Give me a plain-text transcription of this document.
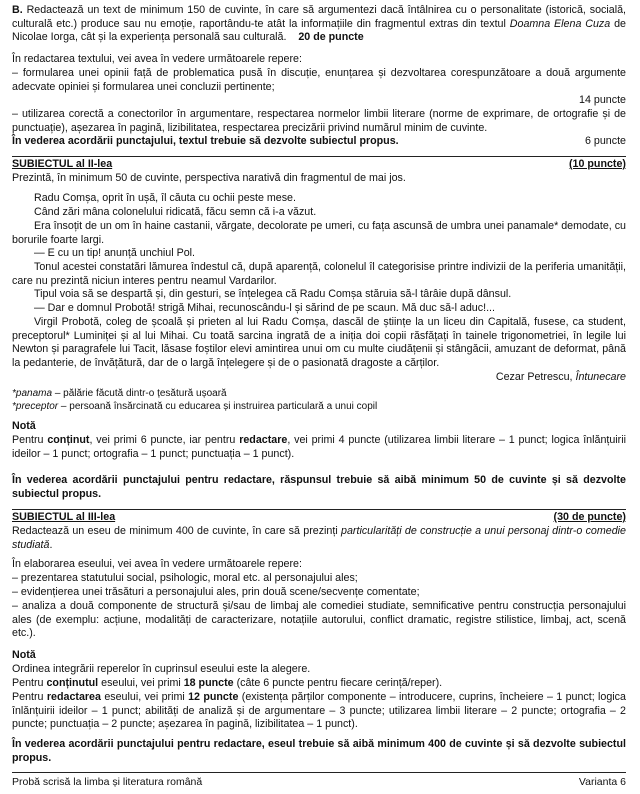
B. Redactează un text de minimum 150 de cuvinte, în care să argumentezi dacă întâlnirea cu o personalitate (istorică, socială, culturală etc.) produce sau nu emoție, raportându-te atât la informațiile din fragmentul extras din textul Doamna Elena Cuza de Nicolae Iorga, cât și la experiența personală sau culturală. 20 de puncte

În redactarea textului, vei avea în vedere următoarele repere:

– formularea unei opinii față de problematica pusă în discuție, enunțarea și dezvoltarea corespunzătoare a două argumente adecvate opiniei și formularea unei concluzii pertinente;
14 puncte

– utilizarea corectă a conectorilor în argumentare, respectarea normelor limbii literare (norme de exprimare, de ortografie și de punctuație), așezarea în pagină, lizibilitatea, respectarea precizării privind numărul minim de cuvinte.
6 puncte

În vederea acordării punctajului, textul trebuie să dezvolte subiectul propus.

SUBIECTUL al II-lea	(10 puncte)

Prezintă, în minimum 50 de cuvinte, perspectiva narativă din fragmentul de mai jos.

Radu Comșa, oprit în ușă, îl căuta cu ochii peste mese.

Când zări mâna colonelului ridicată, făcu semn că i-a văzut.

Era însoțit de un om în haine castanii, vărgate, decolorate pe umeri, cu fața ascunsă de umbra unei panamale* demodate, cu borurile foarte largi.

— E cu un tip! anunță unchiul Pol.

Tonul acestei constatări lămurea îndestul că, după aparență, colonelul îl categorisise printre indivizii de la periferia umanității, care nu prezintă niciun interes pentru neamul Vardarilor.

Tipul voia să se despartă și, din gesturi, se înțelegea că Radu Comșa stăruia să-l târâie după dânsul.

— Dar e domnul Probotă! strigă Mihai, recunoscându-l și sărind de pe scaun. Mă duc să-l aduc!...

Virgil Probotă, coleg de școală și prieten al lui Radu Comșa, dascăl de științe la un liceu din Capitală, fusese, ca student, preceptorul* Luminiței și al lui Mihai. Cu toată sarcina ingrată de a iniția doi copii răsfățați în tainele trigonometriei, în legile lui Newton și paragrafele lui Tacit, lăsase foștilor elevi amintirea unui om cu multe ciudățenii și stângăcii, amuzant de deformat, până la pedanterie, de învățătură, dar de o largă înțelegere și de o pasionată dragoste a cărților.

Cezar Petrescu, Întunecare

*panama – pălărie făcută dintr-o țesătură ușoară

*preceptor – persoană însărcinată cu educarea și instruirea particulară a unui copil

Notă

Pentru conținut, vei primi 6 puncte, iar pentru redactare, vei primi 4 puncte (utilizarea limbii literare – 1 punct; logica înlănțuirii ideilor – 1 punct; ortografia – 1 punct; punctuația – 1 punct).

În vederea acordării punctajului pentru redactare, răspunsul trebuie să aibă minimum 50 de cuvinte și să dezvolte subiectul propus.

SUBIECTUL al III-lea	(30 de puncte)

Redactează un eseu de minimum 400 de cuvinte, în care să prezinți particularități de construcție a unui personaj dintr-o comedie studiată.

În elaborarea eseului, vei avea în vedere următoarele repere:

– prezentarea statutului social, psihologic, moral etc. al personajului ales;

– evidențierea unei trăsături a personajului ales, prin două scene/secvențe comentate;

– analiza a două componente de structură și/sau de limbaj ale comediei studiate, semnificative pentru construcția personajului ales (de exemplu: acțiune, modalități de caracterizare, notațiile autorului, conflict dramatic, registre stilistice, limbaj, act, scenă etc.).

Notă

Ordinea integrării reperelor în cuprinsul eseului este la alegere.

Pentru conținutul eseului, vei primi 18 puncte (câte 6 puncte pentru fiecare cerință/reper).

Pentru redactarea eseului, vei primi 12 puncte (existența părților componente – introducere, cuprins, încheiere – 1 punct; logica înlănțuirii ideilor – 1 punct; abilități de analiză și de argumentare – 3 puncte; utilizarea limbii literare – 2 puncte; ortografia – 2 puncte; punctuația – 2 puncte; așezarea în pagină, lizibilitatea – 1 punct).

În vederea acordării punctajului pentru redactare, eseul trebuie să aibă minimum 400 de cuvinte și să dezvolte subiectul propus.

Probă scrisă la limba și literatura română	Varianta 6
